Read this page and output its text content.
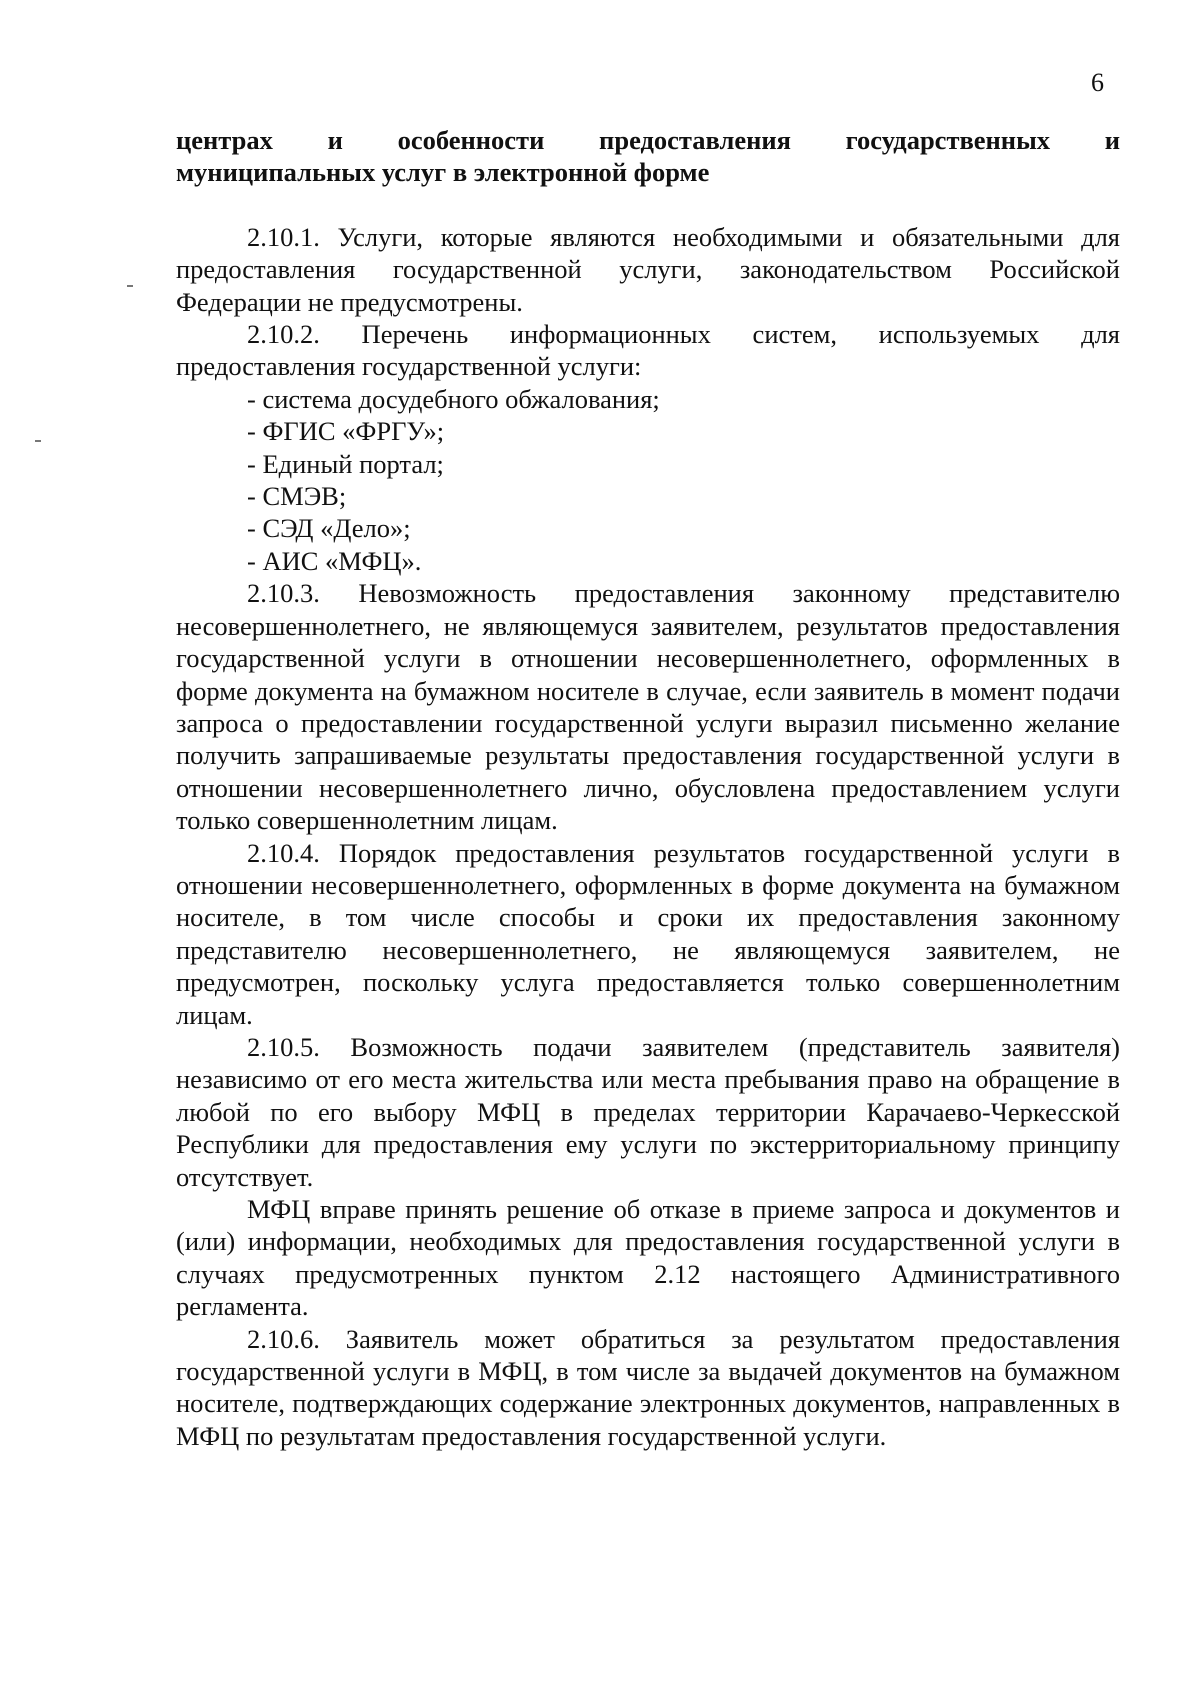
6
центрах и особенности предоставления государственных и
муниципальных услуг в электронной форме

2.10.1. Услуги, которые являются необходимыми и обязательными для предоставления государственной услуги, законодательством Российской Федерации не предусмотрены.

2.10.2. Перечень информационных систем, используемых для предоставления государственной услуги:

- система досудебного обжалования;

- ФГИС «ФРГУ»;

- Единый портал;

- СМЭВ;

- СЭД «Дело»;

- АИС «МФЦ».

2.10.3. Невозможность предоставления законному представителю несовершеннолетнего, не являющемуся заявителем, результатов предоставления государственной услуги в отношении несовершеннолетнего, оформленных в форме документа на бумажном носителе в случае, если заявитель в момент подачи запроса о предоставлении государственной услуги выразил письменно желание получить запрашиваемые результаты предоставления государственной услуги в отношении несовершеннолетнего лично, обусловлена предоставлением услуги только совершеннолетним лицам.

2.10.4. Порядок предоставления результатов государственной услуги в отношении несовершеннолетнего, оформленных в форме документа на бумажном носителе, в том числе способы и сроки их предоставления законному представителю несовершеннолетнего, не являющемуся заявителем, не предусмотрен, поскольку услуга предоставляется только совершеннолетним лицам.

2.10.5. Возможность подачи заявителем (представитель заявителя) независимо от его места жительства или места пребывания право на обращение в любой по его выбору МФЦ в пределах территории Карачаево-Черкесской Республики для предоставления ему услуги по экстерриториальному принципу отсутствует.

МФЦ вправе принять решение об отказе в приеме запроса и документов и (или) информации, необходимых для предоставления государственной услуги в случаях предусмотренных пунктом 2.12 настоящего Административного регламента.

2.10.6. Заявитель может обратиться за результатом предоставления государственной услуги в МФЦ, в том числе за выдачей документов на бумажном носителе, подтверждающих содержание электронных документов, направленных в МФЦ по результатам предоставления государственной услуги.
